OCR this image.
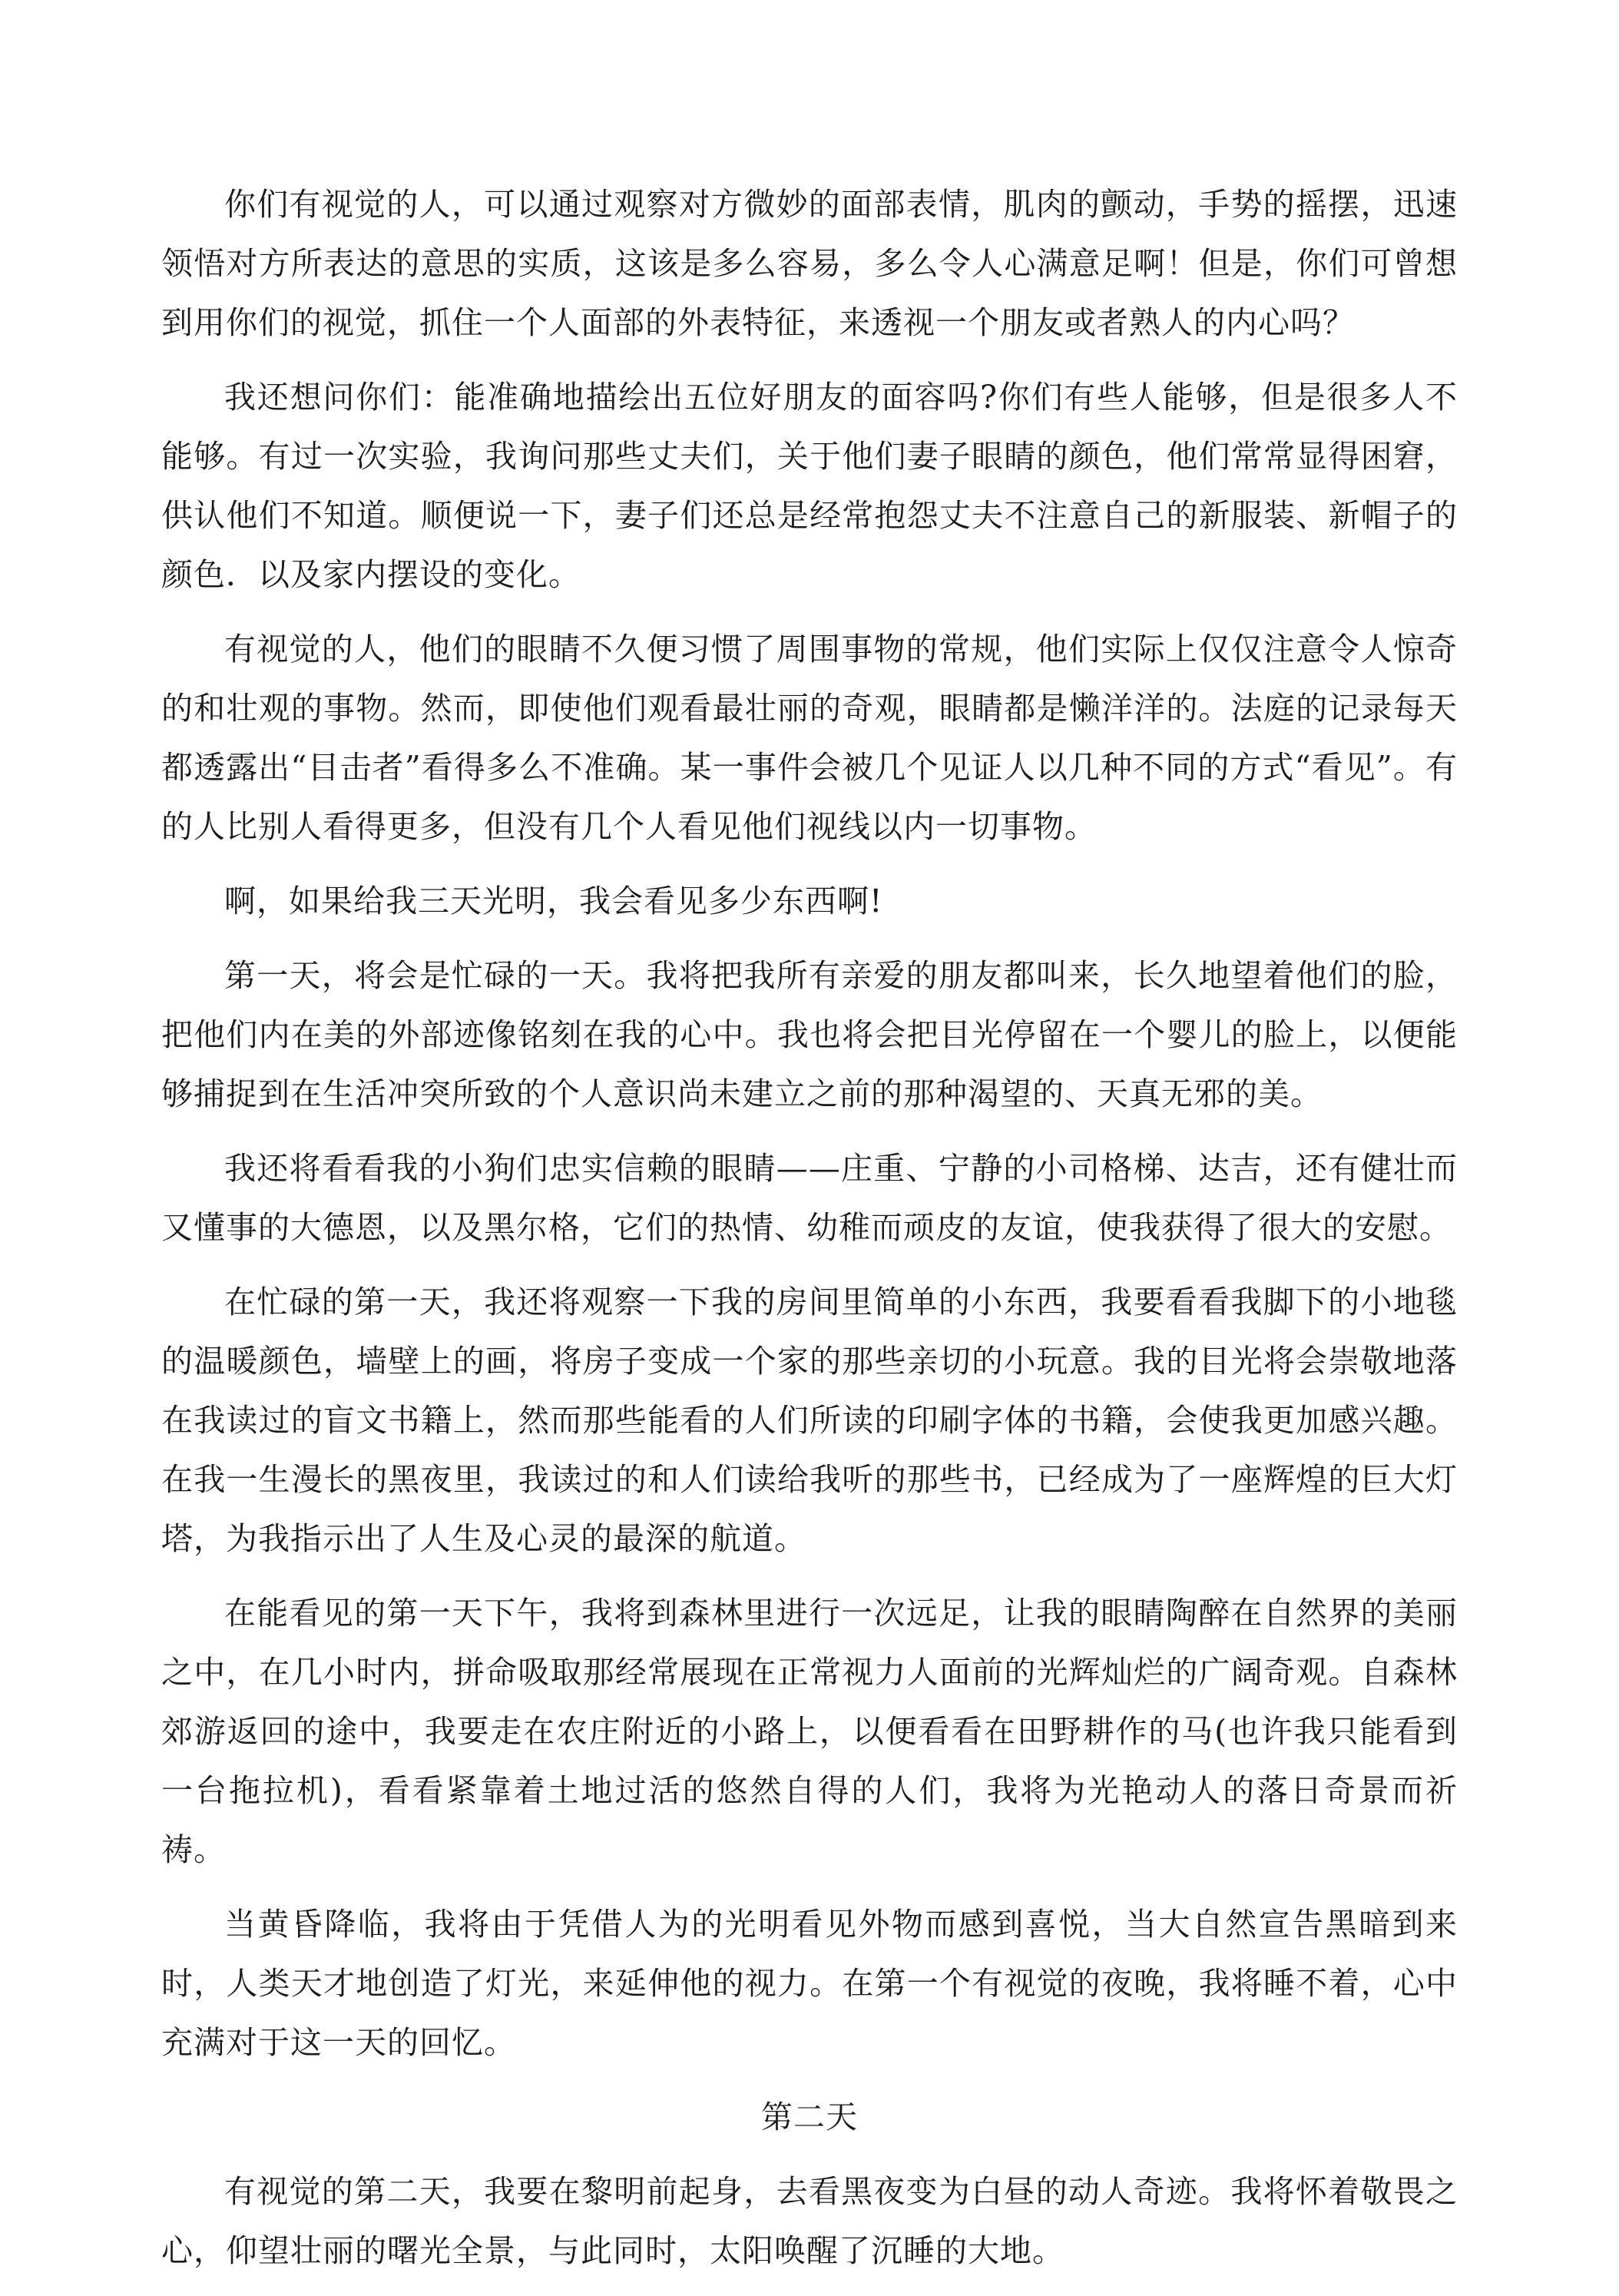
你们有视觉的人，可以通过观察对方微妙的面部表情，肌肉的颤动，手势的摇摆，迅速领悟对方所表达的意思的实质，这该是多么容易，多么令人心满意足啊！但是，你们可曾想到用你们的视觉，抓住一个人面部的外表特征，来透视一个朋友或者熟人的内心吗？

我还想问你们：能准确地描绘出五位好朋友的面容吗?你们有些人能够，但是很多人不能够。有过一次实验，我询问那些丈夫们，关于他们妻子眼睛的颜色，他们常常显得困窘，供认他们不知道。顺便说一下，妻子们还总是经常抱怨丈夫不注意自己的新服装、新帽子的颜色．以及家内摆设的变化。

有视觉的人，他们的眼睛不久便习惯了周围事物的常规，他们实际上仅仅注意令人惊奇的和壮观的事物。然而，即使他们观看最壮丽的奇观，眼睛都是懒洋洋的。法庭的记录每天都透露出“目击者”看得多么不准确。某一事件会被几个见证人以几种不同的方式“看见”。有的人比别人看得更多，但没有几个人看见他们视线以内一切事物。

啊，如果给我三天光明，我会看见多少东西啊!

第一天，将会是忙碌的一天。我将把我所有亲爱的朋友都叫来，长久地望着他们的脸，把他们内在美的外部迹像铭刻在我的心中。我也将会把目光停留在一个婴儿的脸上，以便能够捕捉到在生活冲突所致的个人意识尚未建立之前的那种渴望的、天真无邪的美。

我还将看看我的小狗们忠实信赖的眼睛——庄重、宁静的小司格梯、达吉，还有健壮而又懂事的大德恩，以及黑尔格，它们的热情、幼稚而顽皮的友谊，使我获得了很大的安慰。

在忙碌的第一天，我还将观察一下我的房间里简单的小东西，我要看看我脚下的小地毯的温暖颜色，墙壁上的画，将房子变成一个家的那些亲切的小玩意。我的目光将会崇敬地落在我读过的盲文书籍上，然而那些能看的人们所读的印刷字体的书籍，会使我更加感兴趣。在我一生漫长的黑夜里，我读过的和人们读给我听的那些书，已经成为了一座辉煌的巨大灯塔，为我指示出了人生及心灵的最深的航道。

在能看见的第一天下午，我将到森林里进行一次远足，让我的眼睛陶醉在自然界的美丽之中，在几小时内，拼命吸取那经常展现在正常视力人面前的光辉灿烂的广阔奇观。自森林郊游返回的途中，我要走在农庄附近的小路上，以便看看在田野耕作的马(也许我只能看到一台拖拉机)，看看紧靠着土地过活的悠然自得的人们，我将为光艳动人的落日奇景而祈祷。

当黄昏降临，我将由于凭借人为的光明看见外物而感到喜悦，当大自然宣告黑暗到来时，人类天才地创造了灯光，来延伸他的视力。在第一个有视觉的夜晚，我将睡不着，心中充满对于这一天的回忆。

第二天

有视觉的第二天，我要在黎明前起身，去看黑夜变为白昼的动人奇迹。我将怀着敬畏之心，仰望壮丽的曙光全景，与此同时，太阳唤醒了沉睡的大地。
